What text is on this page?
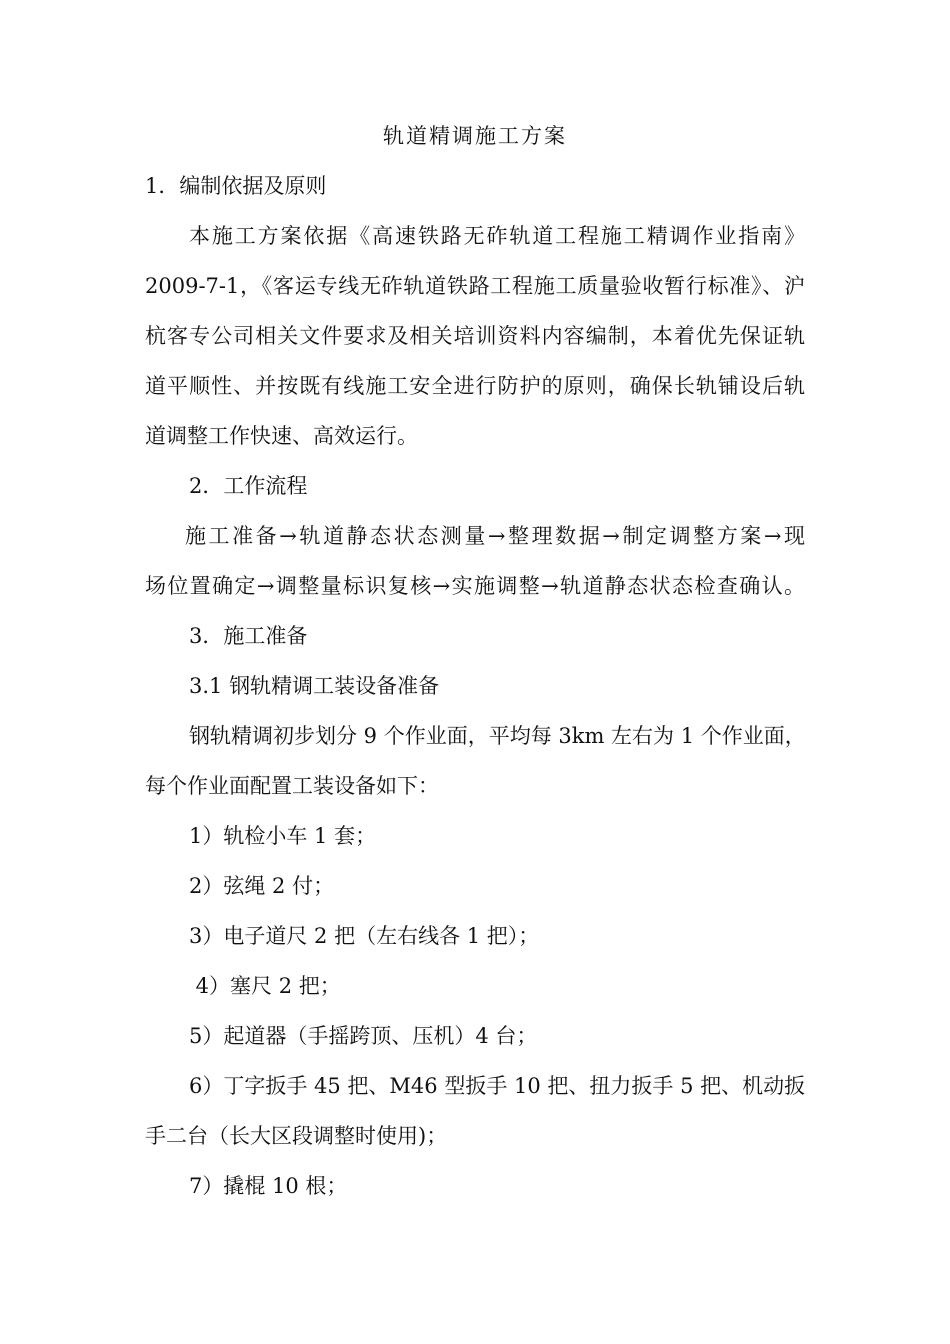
轨道精调施工方案

1．编制依据及原则

本施工方案依据《高速铁路无砟轨道工程施工精调作业指南》

2009-7-1，《客运专线无砟轨道铁路工程施工质量验收暂行标准》、沪

杭客专公司相关文件要求及相关培训资料内容编制，本着优先保证轨

道平顺性、并按既有线施工安全进行防护的原则，确保长轨铺设后轨

道调整工作快速、高效运行。

2．工作流程

施工准备→轨道静态状态测量→整理数据→制定调整方案→现

场位置确定→调整量标识复核→实施调整→轨道静态状态检查确认。

3．施工准备

3.1 钢轨精调工装设备准备

钢轨精调初步划分 9 个作业面，平均每 3km 左右为 1 个作业面，

每个作业面配置工装设备如下：

1）轨检小车 1 套；

2）弦绳 2 付；

3）电子道尺 2 把（左右线各 1 把）；

4）塞尺 2 把；

5）起道器（手摇跨顶、压机）4 台；

6）丁字扳手 45 把、M46 型扳手 10 把、扭力扳手 5 把、机动扳

手二台（长大区段调整时使用)；

7）撬棍 10 根；
